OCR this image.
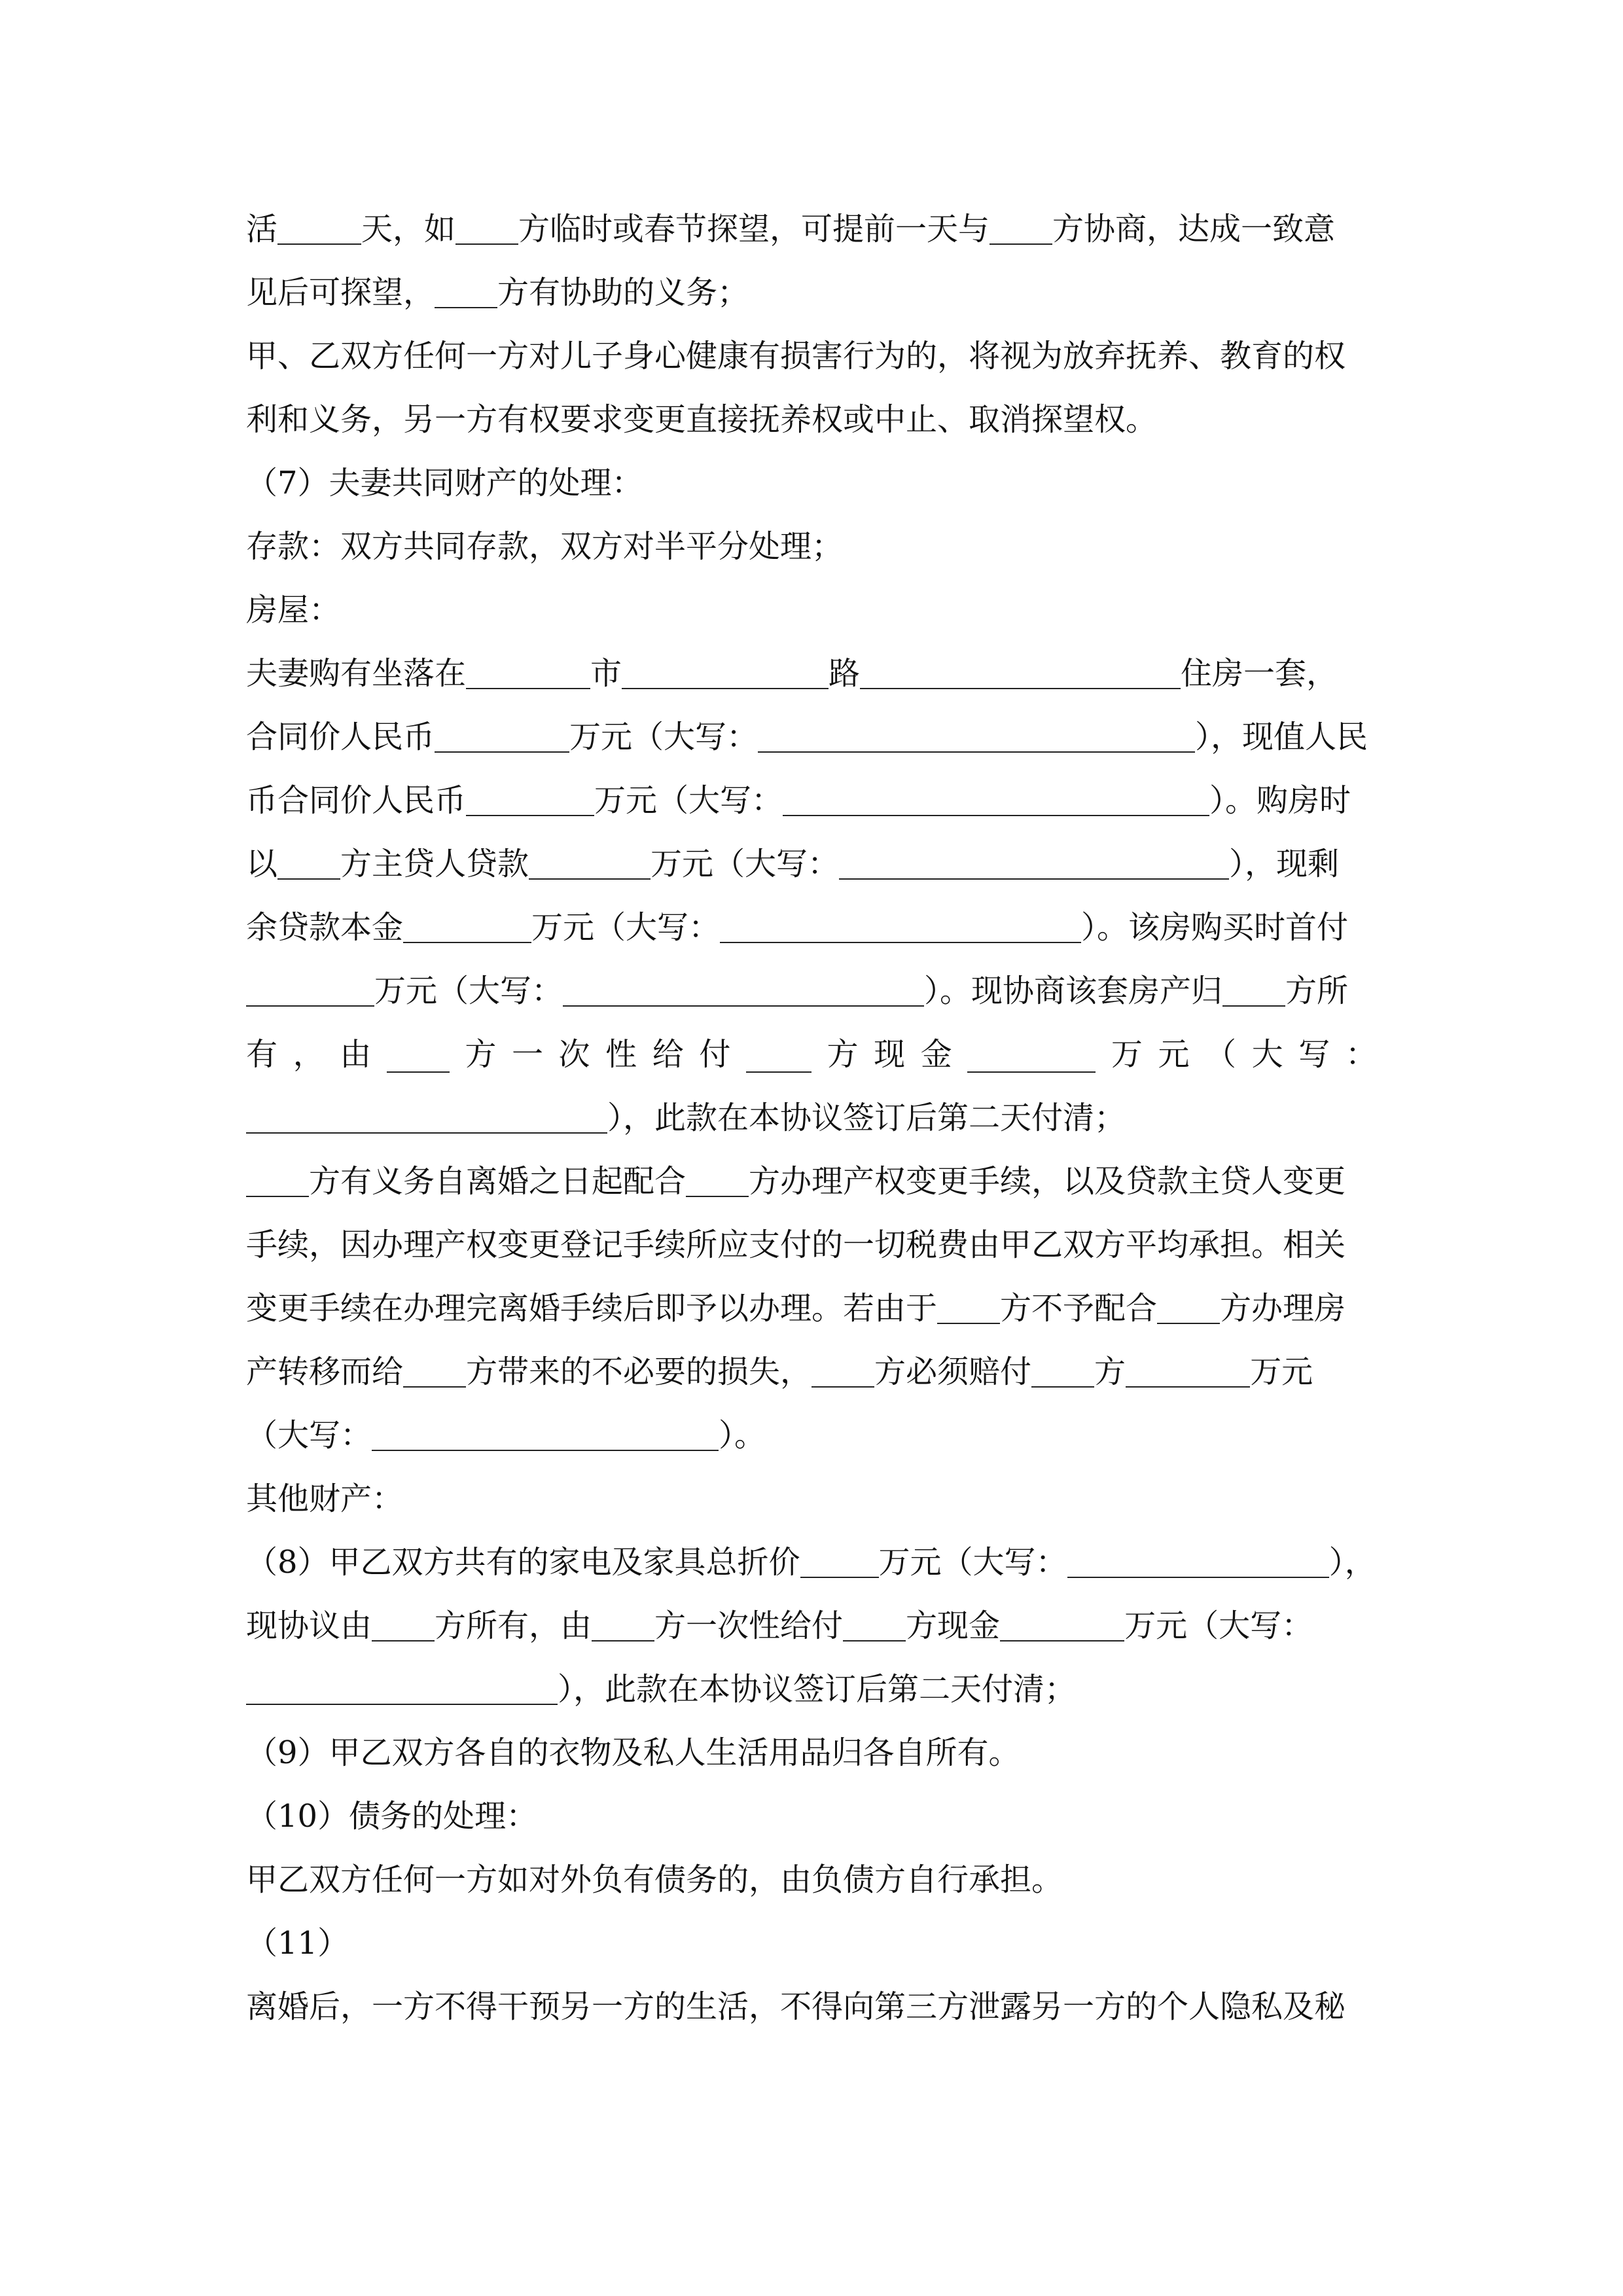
活	天，如 方临时或春节探望，可提前一天与 方协商，达成一致意
见后可探望， 方有协助的义务；
甲、乙双方任何一方对儿子身心健康有损害行为的，将视为放弃抚养、教育的权
利和义务，另一方有权要求变更直接抚养权或中止、取消探望权。
（7）夫妻共同财产的处理：
存款：双方共同存款，双方对半平分处理；
房屋：
夫妻购有坐落在	市	路	住房一套，
合同价人民币	万元（大写：	），现值人民
币合同价人民币	万元（大写：	）。购房时
以 方主贷人贷款	万元（大写：	），现剩
余贷款本金	万元（大写：	）。该房购买时首付
万元（大写：	）。现协商该套房产归 方所
有 ， 由	方 一 次 性 给 付	方 现 金	万 元 （ 大 写 ：
），此款在本协议签订后第二天付清；
方有义务自离婚之日起配合 方办理产权变更手续，以及贷款主贷人变更
手续，因办理产权变更登记手续所应支付的一切税费由甲乙双方平均承担。相关
变更手续在办理完离婚手续后即予以办理。若由于 方不予配合 方办理房
产转移而给 方带来的不必要的损失， 方必须赔付 方	万元
（大写：	）。
其他财产：
（8）甲乙双方共有的家电及家具总折价	万元（大写：	），
现协议由 方所有，由 方一次性给付 方现金	万元（大写：
），此款在本协议签订后第二天付清；
（9）甲乙双方各自的衣物及私人生活用品归各自所有。
（10）债务的处理：
甲乙双方任何一方如对外负有债务的，由负债方自行承担。
（11）
离婚后，一方不得干预另一方的生活，不得向第三方泄露另一方的个人隐私及秘
